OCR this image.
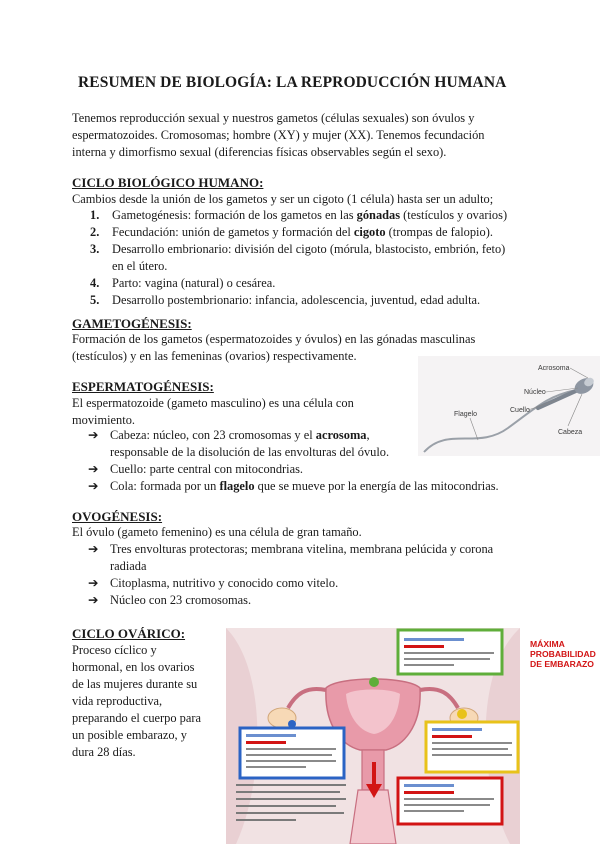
RESUMEN DE BIOLOGÍA: LA REPRODUCCIÓN HUMANA

Tenemos reproducción sexual y nuestros gametos (células sexuales) son óvulos y
espermatozoides. Cromosomas; hombre (XY) y mujer (XX). Tenemos fecundación
interna y dimorfismo sexual (diferencias físicas observables según el sexo).

CICLO BIOLÓGICO HUMANO:

Cambios desde la unión de los gametos y ser un cigoto (1 célula) hasta ser un adulto;

1.	Gametogénesis: formación de los gametos en las gónadas (testículos y ovarios)
2.	Fecundación: unión de gametos y formación del cigoto (trompas de falopio).
3.	Desarrollo embrionario: división del cigoto (mórula, blastocisto, embrión, feto)
en el útero.
4.	Parto: vagina (natural) o cesárea.
5.	Desarrollo postembrionario: infancia, adolescencia, juventud, edad adulta.
GAMETOGÉNESIS:

Formación de los gametos (espermatozoides y óvulos) en las gónadas masculinas
(testículos) y en las femeninas (ovarios) respectivamente.

ESPERMATOGÉNESIS:

El espermatozoide (gameto masculino) es una célula con
movimiento.

➔ Cabeza: núcleo, con 23 cromosomas y el acrosoma,
responsable de la disolución de las envolturas del óvulo.
➔ Cuello: parte central con mitocondrias.
➔ Cola: formada por un flagelo que se mueve por la energía de las mitocondrias.
Acrosoma
Núcleo
Cuello
Flagelo
Cabeza
OVOGÉNESIS:

El óvulo (gameto femenino) es una célula de gran tamaño.

➔ Tres envolturas protectoras; membrana vitelina, membrana pelúcida y corona
radiada
➔ Citoplasma, nutritivo y conocido como vitelo.
➔ Núcleo con 23 cromosomas.
CICLO OVÁRICO:

Proceso cíclico y
hormonal, en los ovarios
de las mujeres durante su
vida reproductiva,
preparando el cuerpo para
un posible embarazo, y
dura 28 días.

MÁXIMA
PROBABILIDAD
DE EMBARAZO
